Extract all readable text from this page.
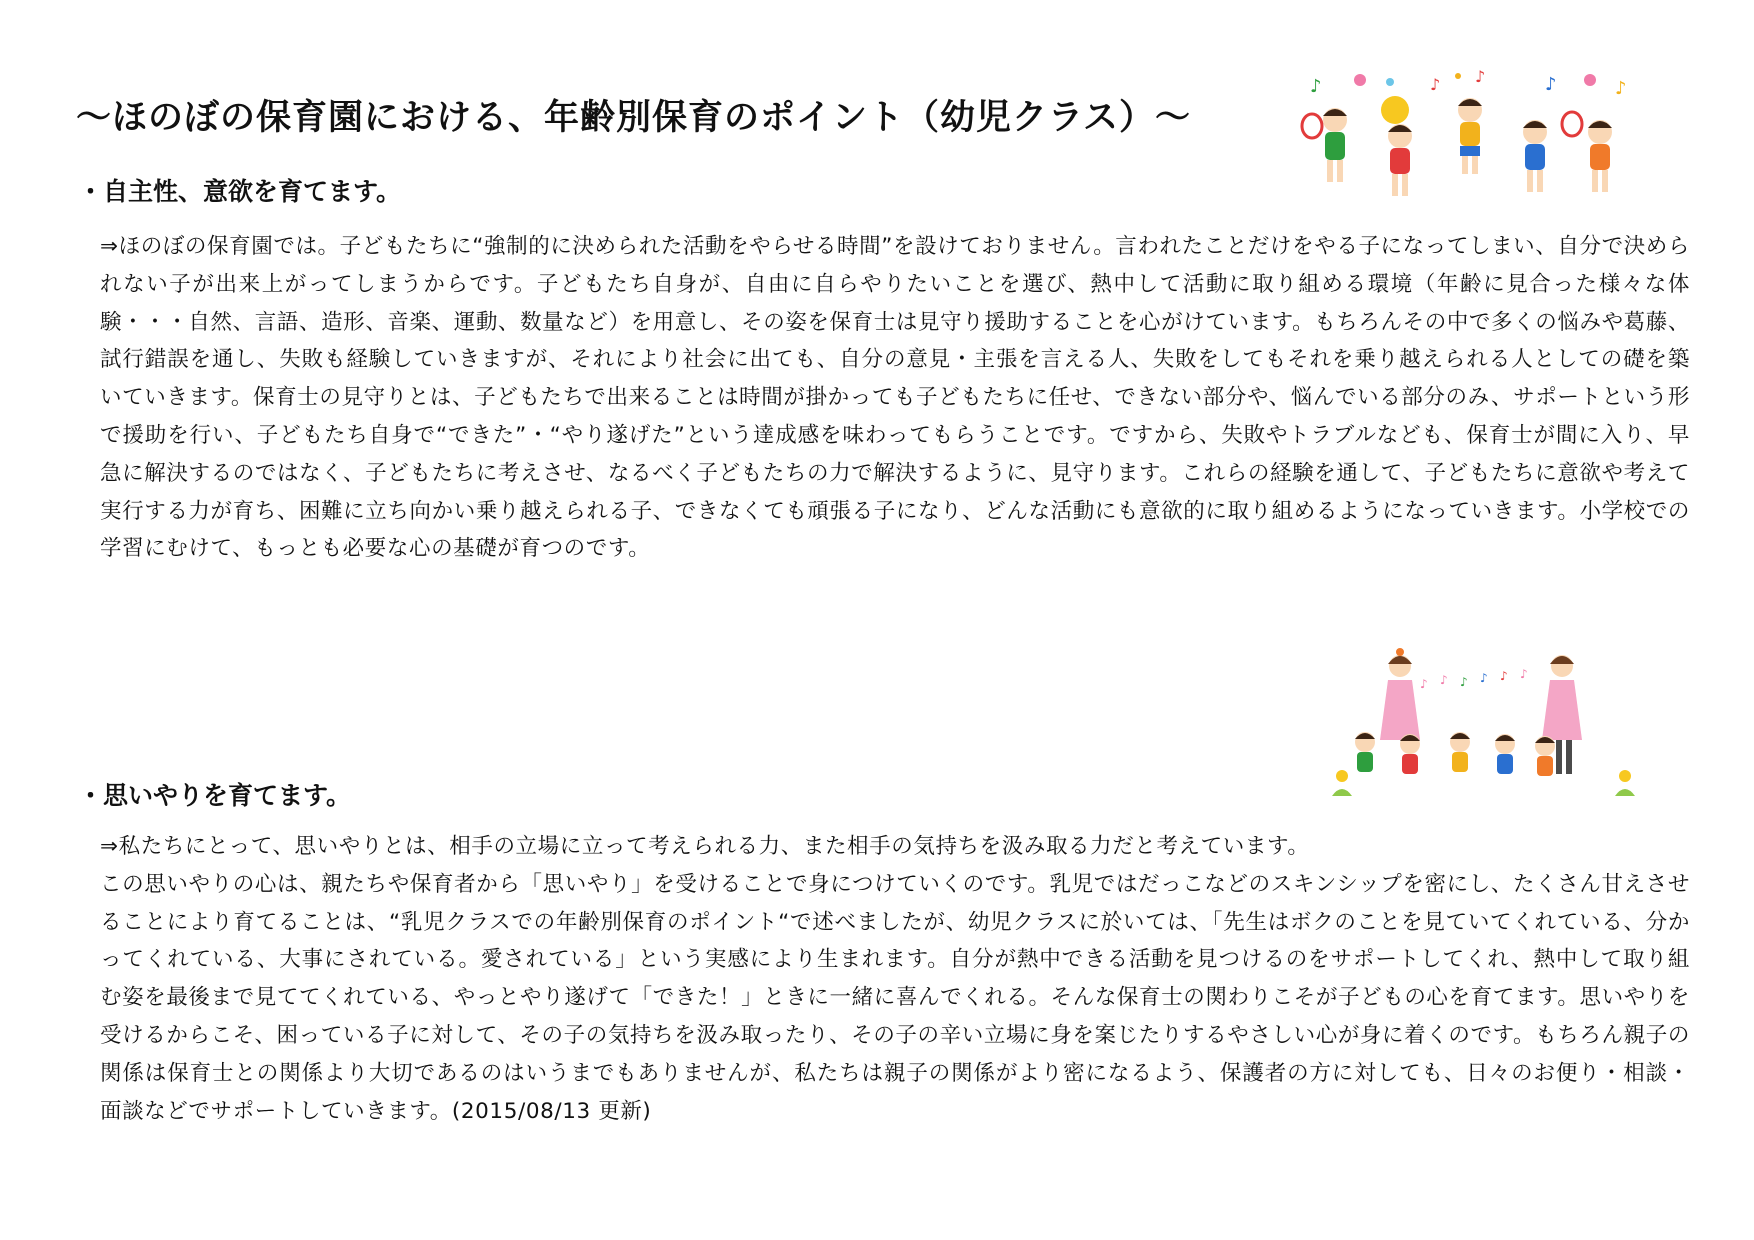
～ほのぼの保育園における、年齢別保育のポイント（幼児クラス）～
♪	♪ ♪	♪	♪
・自主性、意欲を育てます。
⇒ほのぼの保育園では。子どもたちに“強制的に決められた活動をやらせる時間”を設けておりません。言われたことだけをやる子になってしまい、自分で決められない子が出来上がってしまうからです。子どもたち自身が、自由に自らやりたいことを選び、熱中して活動に取り組める環境（年齢に見合った様々な体験・・・自然、言語、造形、音楽、運動、数量など）を用意し、その姿を保育士は見守り援助することを心がけています。もちろんその中で多くの悩みや葛藤、試行錯誤を通し、失敗も経験していきますが、それにより社会に出ても、自分の意見・主張を言える人、失敗をしてもそれを乗り越えられる人としての礎を築いていきます。保育士の見守りとは、子どもたちで出来ることは時間が掛かっても子どもたちに任せ、できない部分や、悩んでいる部分のみ、サポートという形で援助を行い、子どもたち自身で“できた”・“やり遂げた”という達成感を味わってもらうことです。ですから、失敗やトラブルなども、保育士が間に入り、早急に解決するのではなく、子どもたちに考えさせ、なるべく子どもたちの力で解決するように、見守ります。これらの経験を通して、子どもたちに意欲や考えて実行する力が育ち、困難に立ち向かい乗り越えられる子、できなくても頑張る子になり、どんな活動にも意欲的に取り組めるようになっていきます。小学校での学習にむけて、もっとも必要な心の基礎が育つのです。
♪ ♪ ♪ ♪ ♪ ♪
・思いやりを育てます。
⇒私たちにとって、思いやりとは、相手の立場に立って考えられる力、また相手の気持ちを汲み取る力だと考えています。
この思いやりの心は、親たちや保育者から「思いやり」を受けることで身につけていくのです。乳児ではだっこなどのスキンシップを密にし、たくさん甘えさせることにより育てることは、“乳児クラスでの年齢別保育のポイント“で述べましたが、幼児クラスに於いては、「先生はボクのことを見ていてくれている、分かってくれている、大事にされている。愛されている」という実感により生まれます。自分が熱中できる活動を見つけるのをサポートしてくれ、熱中して取り組む姿を最後まで見ててくれている、やっとやり遂げて「できた！」ときに一緒に喜んでくれる。そんな保育士の関わりこそが子どもの心を育てます。思いやりを受けるからこそ、困っている子に対して、その子の気持ちを汲み取ったり、その子の辛い立場に身を案じたりするやさしい心が身に着くのです。もちろん親子の関係は保育士との関係より大切であるのはいうまでもありませんが、私たちは親子の関係がより密になるよう、保護者の方に対しても、日々のお便り・相談・面談などでサポートしていきます。(2015/08/13 更新)
